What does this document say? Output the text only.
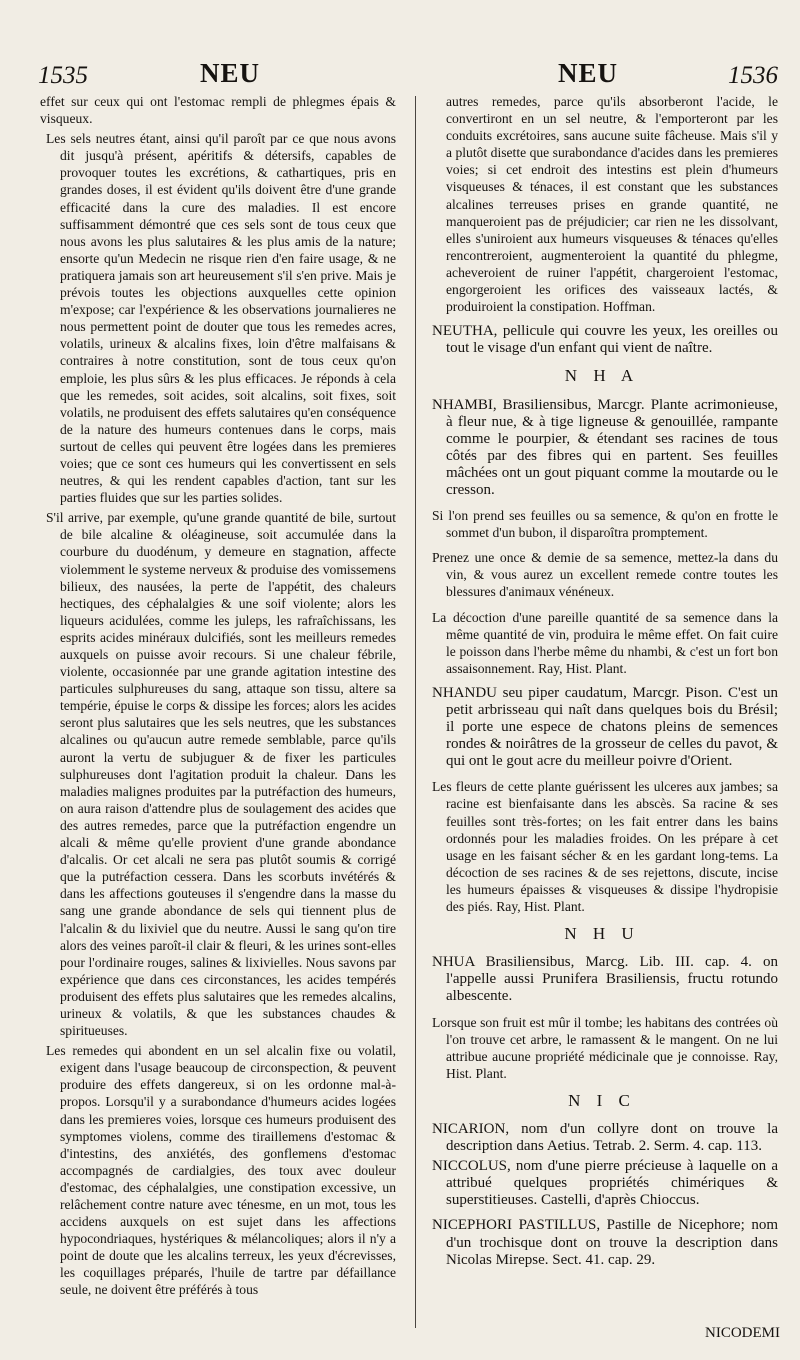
1535	NEU	NEU	1536

effet sur ceux qui ont l'estomac rempli de phlegmes épais & visqueux.

Les sels neutres étant, ainsi qu'il paroît par ce que nous avons dit jusqu'à présent, apéritifs & détersifs, capables de provoquer toutes les excrétions, & cathartiques, pris en grandes doses, il est évident qu'ils doivent être d'une grande efficacité dans la cure des maladies. Il est encore suffisamment démontré que ces sels sont de tous ceux que nous avons les plus salutaires & les plus amis de la nature; ensorte qu'un Medecin ne risque rien d'en faire usage, & ne pratiquera jamais son art heureusement s'il s'en prive. Mais je prévois toutes les objections auxquelles cette opinion m'expose; car l'expérience & les observations journalieres ne nous permettent point de douter que tous les remedes acres, volatils, urineux & alcalins fixes, loin d'être malfaisans & contraires à notre constitution, sont de tous ceux qu'on emploie, les plus sûrs & les plus efficaces. Je réponds à cela que les remedes, soit acides, soit alcalins, soit fixes, soit volatils, ne produisent des effets salutaires qu'en conséquence de la nature des humeurs contenues dans le corps, mais surtout de celles qui peuvent être logées dans les premieres voies; que ce sont ces humeurs qui les convertissent en sels neutres, & qui les rendent capables d'action, tant sur les parties fluides que sur les parties solides.

S'il arrive, par exemple, qu'une grande quantité de bile, surtout de bile alcaline & oléagineuse, soit accumulée dans la courbure du duodénum, y demeure en stagnation, affecte violemment le systeme nerveux & produise des vomissemens bilieux, des nausées, la perte de l'appétit, des chaleurs hectiques, des céphalalgies & une soif violente; alors les liqueurs acidulées, comme les juleps, les rafraîchissans, les esprits acides minéraux dulcifiés, sont les meilleurs remedes auxquels on puisse avoir recours. Si une chaleur fébrile, violente, occasionnée par une grande agitation intestine des particules sulphureuses du sang, attaque son tissu, altere sa tempérie, épuise le corps & dissipe les forces; alors les acides seront plus salutaires que les sels neutres, que les substances alcalines ou qu'aucun autre remede semblable, parce qu'ils auront la vertu de subjuguer & de fixer les particules sulphureuses dont l'agitation produit la chaleur. Dans les maladies malignes produites par la putréfaction des humeurs, on aura raison d'attendre plus de soulagement des acides que des autres remedes, parce que la putréfaction engendre un alcali & même qu'elle provient d'une grande abondance d'alcalis. Or cet alcali ne sera pas plutôt soumis & corrigé que la putréfaction cessera. Dans les scorbuts invétérés & dans les affections gouteuses il s'engendre dans la masse du sang une grande abondance de sels qui tiennent plus de l'alcalin & du lixiviel que du neutre. Aussi le sang qu'on tire alors des veines paroît-il clair & fleuri, & les urines sont-elles pour l'ordinaire rouges, salines & lixivielles. Nous savons par expérience que dans ces circonstances, les acides tempérés produisent des effets plus salutaires que les remedes alcalins, urineux & volatils, & que les substances chaudes & spiritueuses.

Les remedes qui abondent en un sel alcalin fixe ou volatil, exigent dans l'usage beaucoup de circonspection, & peuvent produire des effets dangereux, si on les ordonne mal-à-propos. Lorsqu'il y a surabondance d'humeurs acides logées dans les premieres voies, lorsque ces humeurs produisent des symptomes violens, comme des tiraillemens d'estomac & d'intestins, des anxiétés, des gonflemens d'estomac accompagnés de cardialgies, des toux avec douleur d'estomac, des céphalalgies, une constipation excessive, un relâchement contre nature avec ténesme, en un mot, tous les accidens auxquels on est sujet dans les affections hypocondriaques, hystériques & mélancoliques; alors il n'y a point de doute que les alcalins terreux, les yeux d'écrevisses, les coquillages préparés, l'huile de tartre par défaillance seule, ne doivent être préférés à tous

autres remedes, parce qu'ils absorberont l'acide, le convertiront en un sel neutre, & l'emporteront par les conduits excrétoires, sans aucune suite fâcheuse. Mais s'il y a plutôt disette que surabondance d'acides dans les premieres voies; si cet endroit des intestins est plein d'humeurs visqueuses & ténaces, il est constant que les substances alcalines terreuses prises en grande quantité, ne manqueroient pas de préjudicier; car rien ne les dissolvant, elles s'uniroient aux humeurs visqueuses & ténaces qu'elles rencontreroient, augmenteroient la quantité du phlegme, acheveroient de ruiner l'appétit, chargeroient l'estomac, engorgeroient les orifices des vaisseaux lactés, & produiroient la constipation. Hoffman.

NEUTHA, pellicule qui couvre les yeux, les oreilles ou tout le visage d'un enfant qui vient de naître.

N H A

NHAMBI, Brasiliensibus, Marcgr. Plante acrimonieuse, à fleur nue, & à tige ligneuse & genouillée, rampante comme le pourpier, & étendant ses racines de tous côtés par des fibres qui en partent. Ses feuilles mâchées ont un gout piquant comme la moutarde ou le cresson.

Si l'on prend ses feuilles ou sa semence, & qu'on en frotte le sommet d'un bubon, il disparoîtra promptement.

Prenez une once & demie de sa semence, mettez-la dans du vin, & vous aurez un excellent remede contre toutes les blessures d'animaux vénéneux.

La décoction d'une pareille quantité de sa semence dans la même quantité de vin, produira le même effet. On fait cuire le poisson dans l'herbe même du nhambi, & c'est un fort bon assaisonnement. Ray, Hist. Plant.

NHANDU seu piper caudatum, Marcgr. Pison. C'est un petit arbrisseau qui naît dans quelques bois du Brésil; il porte une espece de chatons pleins de semences rondes & noirâtres de la grosseur de celles du pavot, & qui ont le gout acre du meilleur poivre d'Orient.

Les fleurs de cette plante guérissent les ulceres aux jambes; sa racine est bienfaisante dans les abscès. Sa racine & ses feuilles sont très-fortes; on les fait entrer dans les bains ordonnés pour les maladies froides. On les prépare à cet usage en les faisant sécher & en les gardant long-tems. La décoction de ses racines & de ses rejettons, discute, incise les humeurs épaisses & visqueuses & dissipe l'hydropisie des piés. Ray, Hist. Plant.

N H U

NHUA Brasiliensibus, Marcg. Lib. III. cap. 4. on l'appelle aussi Prunifera Brasiliensis, fructu rotundo albescente.

Lorsque son fruit est mûr il tombe; les habitans des contrées où l'on trouve cet arbre, le ramassent & le mangent. On ne lui attribue aucune propriété médicinale que je connoisse. Ray, Hist. Plant.

N I C

NICARION, nom d'un collyre dont on trouve la description dans Aetius. Tetrab. 2. Serm. 4. cap. 113.

NICCOLUS, nom d'une pierre précieuse à laquelle on a attribué quelques propriétés chimériques & superstitieuses. Castelli, d'après Chioccus.

NICEPHORI PASTILLUS, Pastille de Nicephore; nom d'un trochisque dont on trouve la description dans Nicolas Mirepse. Sect. 41. cap. 29.

NICODEMI
